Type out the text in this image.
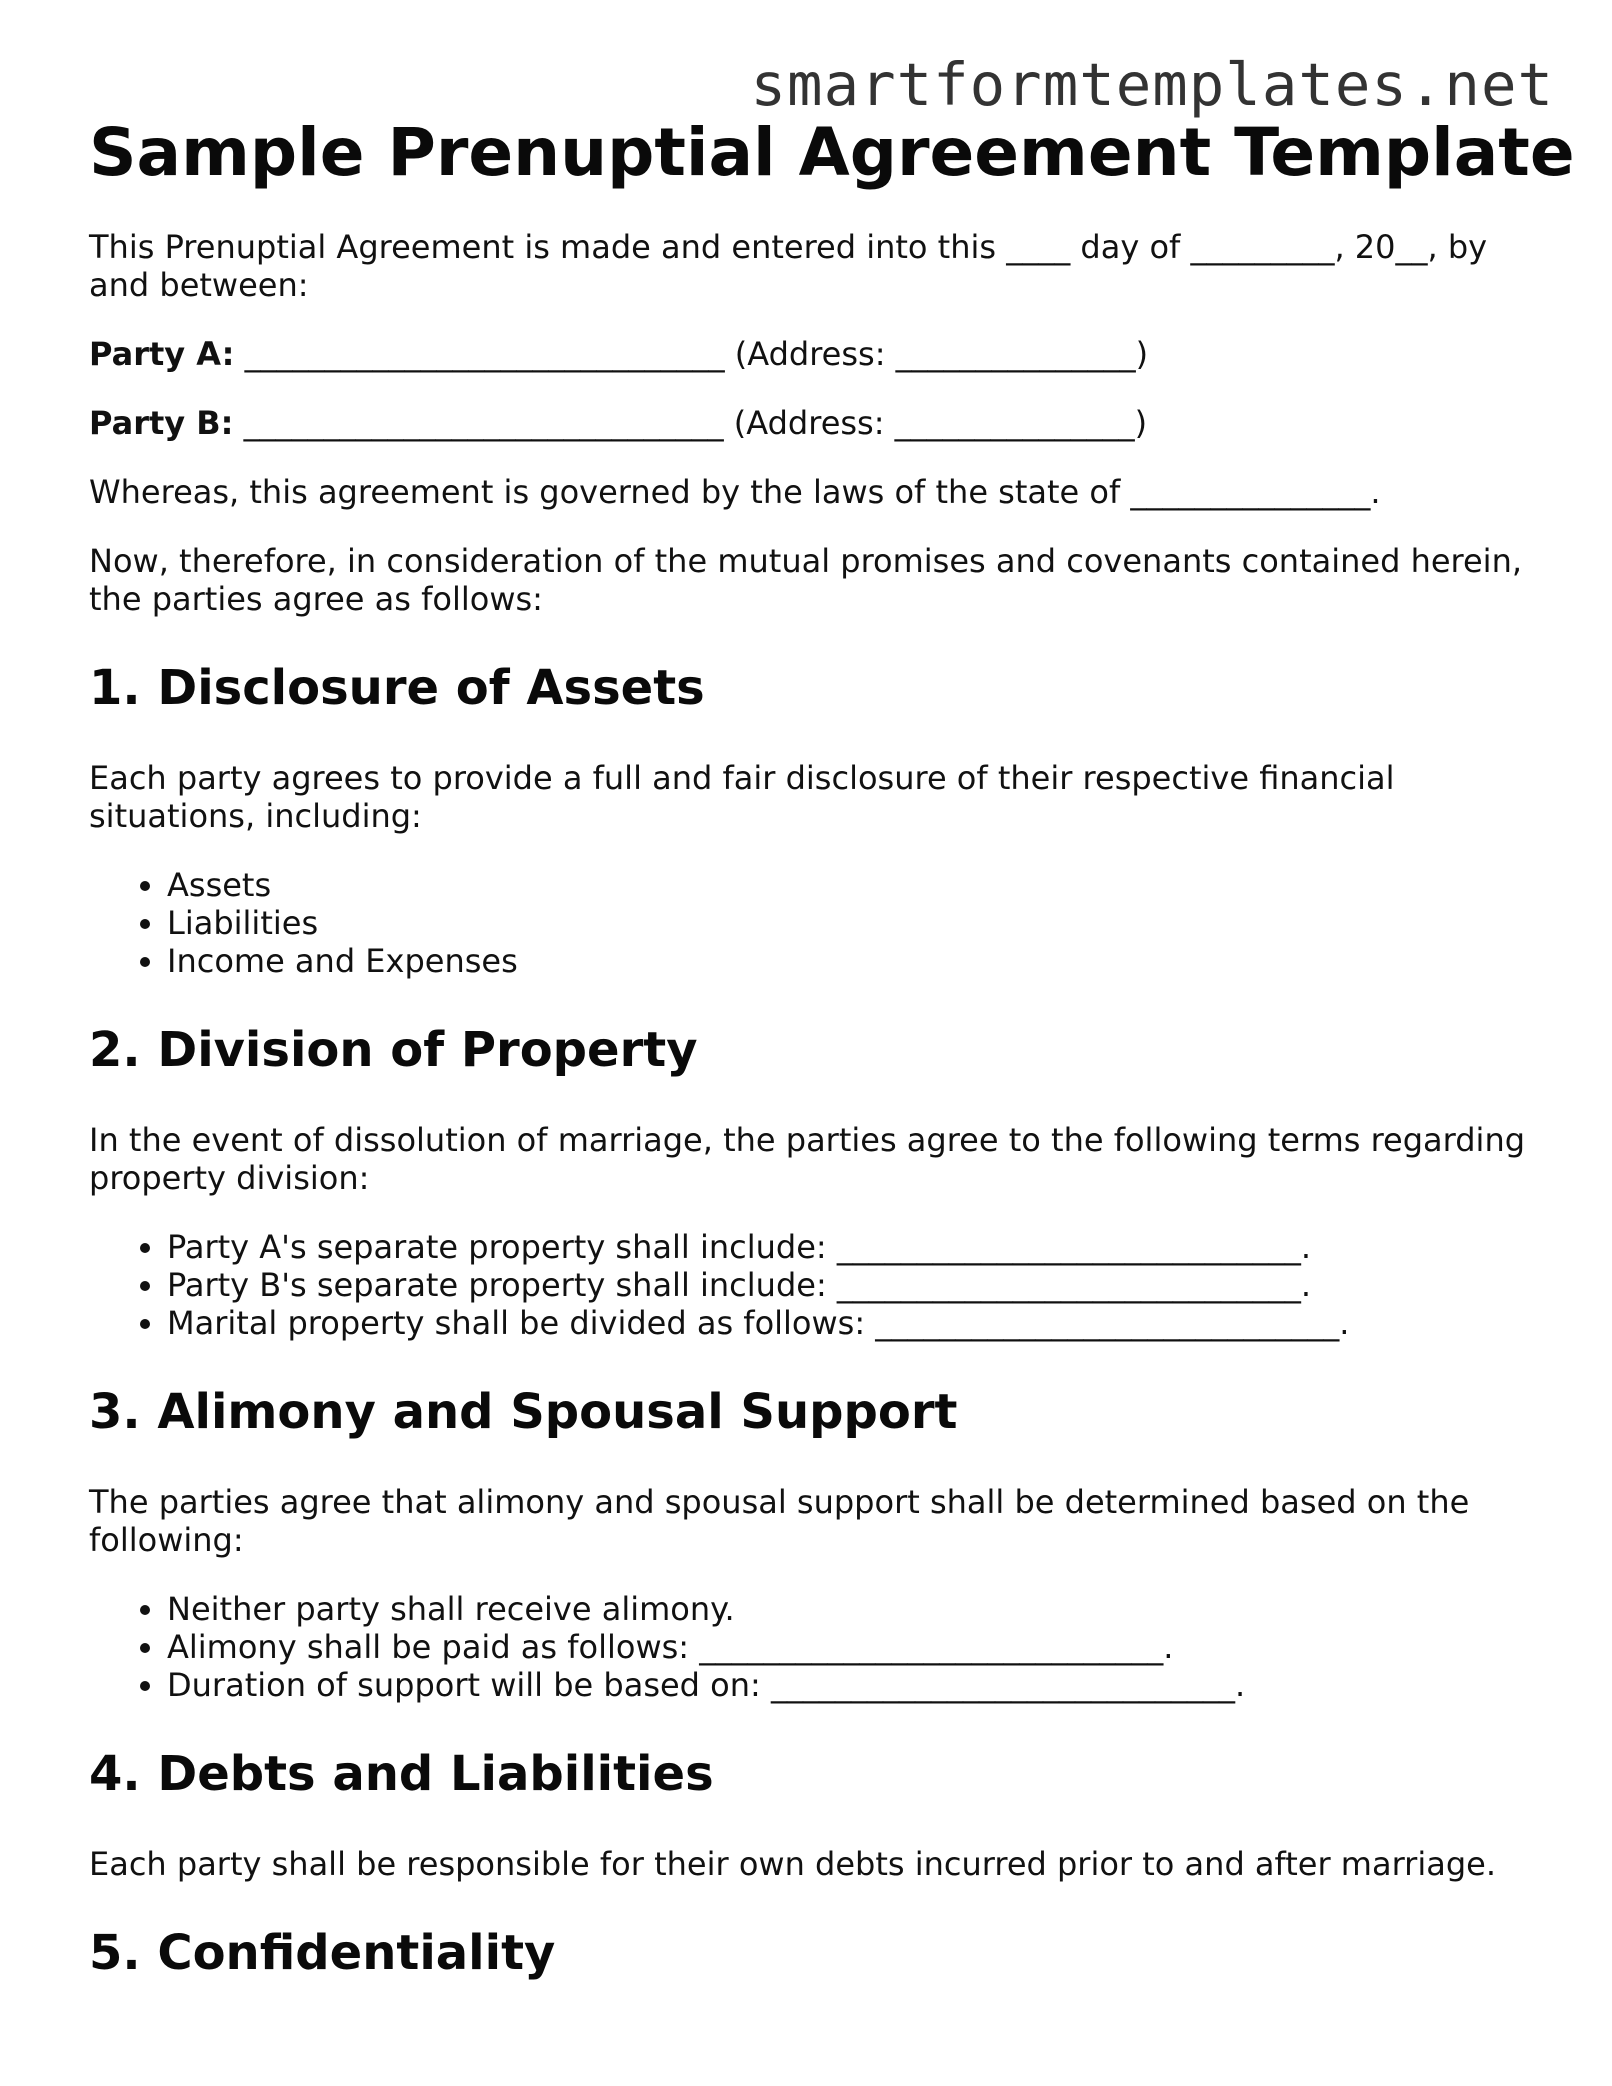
smartformtemplates.net
Sample Prenuptial Agreement Template

This Prenuptial Agreement is made and entered into this ____ day of _________, 20__, by and between:

Party A: ______________________________ (Address: _______________)

Party B: ______________________________ (Address: _______________)

Whereas, this agreement is governed by the laws of the state of _______________.

Now, therefore, in consideration of the mutual promises and covenants contained herein, the parties agree as follows:

1. Disclosure of Assets

Each party agrees to provide a full and fair disclosure of their respective financial situations, including:

• Assets
• Liabilities
• Income and Expenses
2. Division of Property

In the event of dissolution of marriage, the parties agree to the following terms regarding property division:

• Party A's separate property shall include: _____________________________.
• Party B's separate property shall include: _____________________________.
• Marital property shall be divided as follows: _____________________________.
3. Alimony and Spousal Support

The parties agree that alimony and spousal support shall be determined based on the following:

• Neither party shall receive alimony.
• Alimony shall be paid as follows: _____________________________.
• Duration of support will be based on: _____________________________.
4. Debts and Liabilities

Each party shall be responsible for their own debts incurred prior to and after marriage.

5. Confidentiality
